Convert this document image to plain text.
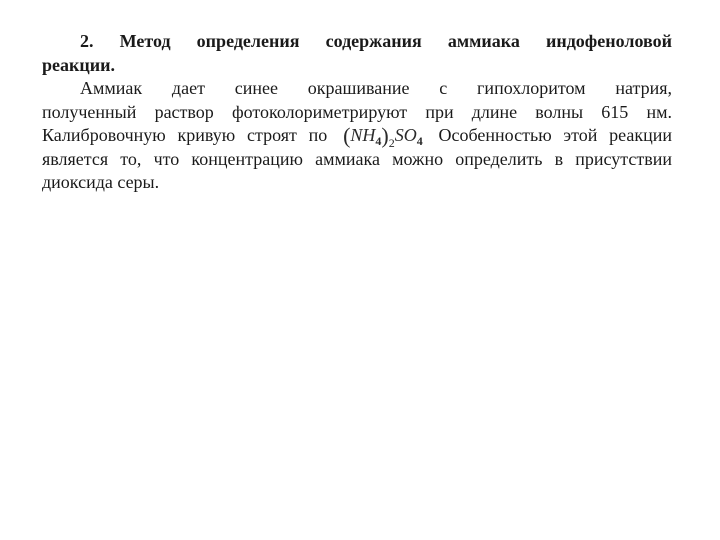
2. Метод определения содержания аммиака индофеноловой
реакции.
Аммиак дает синее окрашивание с гипохлоритом натрия,
полученный раствор фотоколориметрируют при длине волны 615 нм.
Калибровочную кривую строят по $(NH_4)_2SO_4$ Особенностью этой реакции
является то, что концентрацию аммиака можно определить в присутствии
диоксида серы.
